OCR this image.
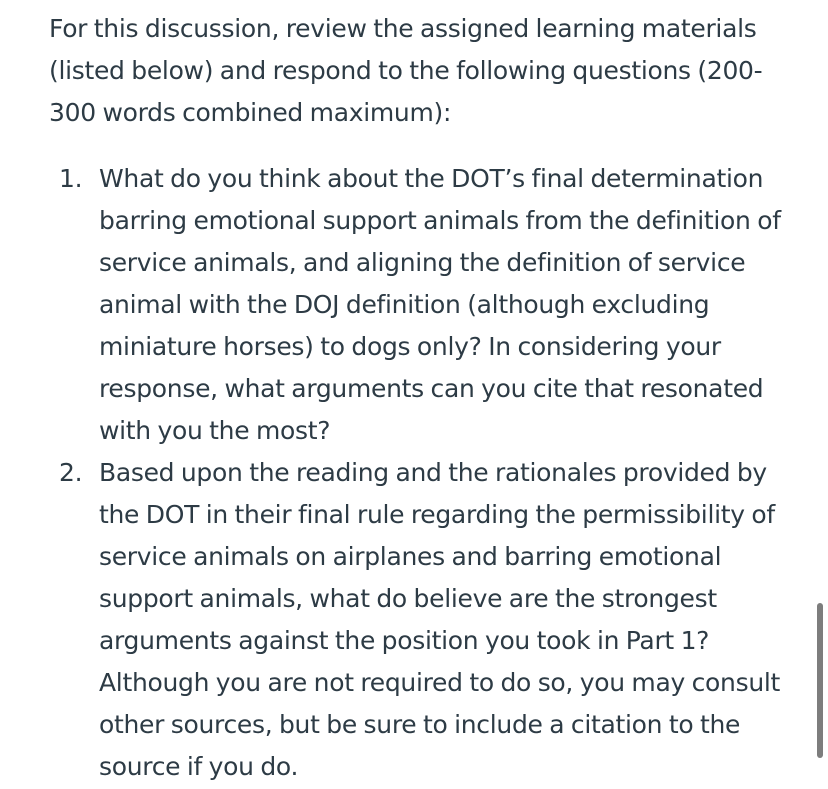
For this discussion, review the assigned learning materials
(listed below) and respond to the following questions (200-
300 words combined maximum):

1. What do you think about the DOT’s final determination
barring emotional support animals from the definition of
service animals, and aligning the definition of service
animal with the DOJ definition (although excluding
miniature horses) to dogs only? In considering your
response, what arguments can you cite that resonated
with you the most?
2. Based upon the reading and the rationales provided by
the DOT in their final rule regarding the permissibility of
service animals on airplanes and barring emotional
support animals, what do believe are the strongest
arguments against the position you took in Part 1?
Although you are not required to do so, you may consult
other sources, but be sure to include a citation to the
source if you do.
